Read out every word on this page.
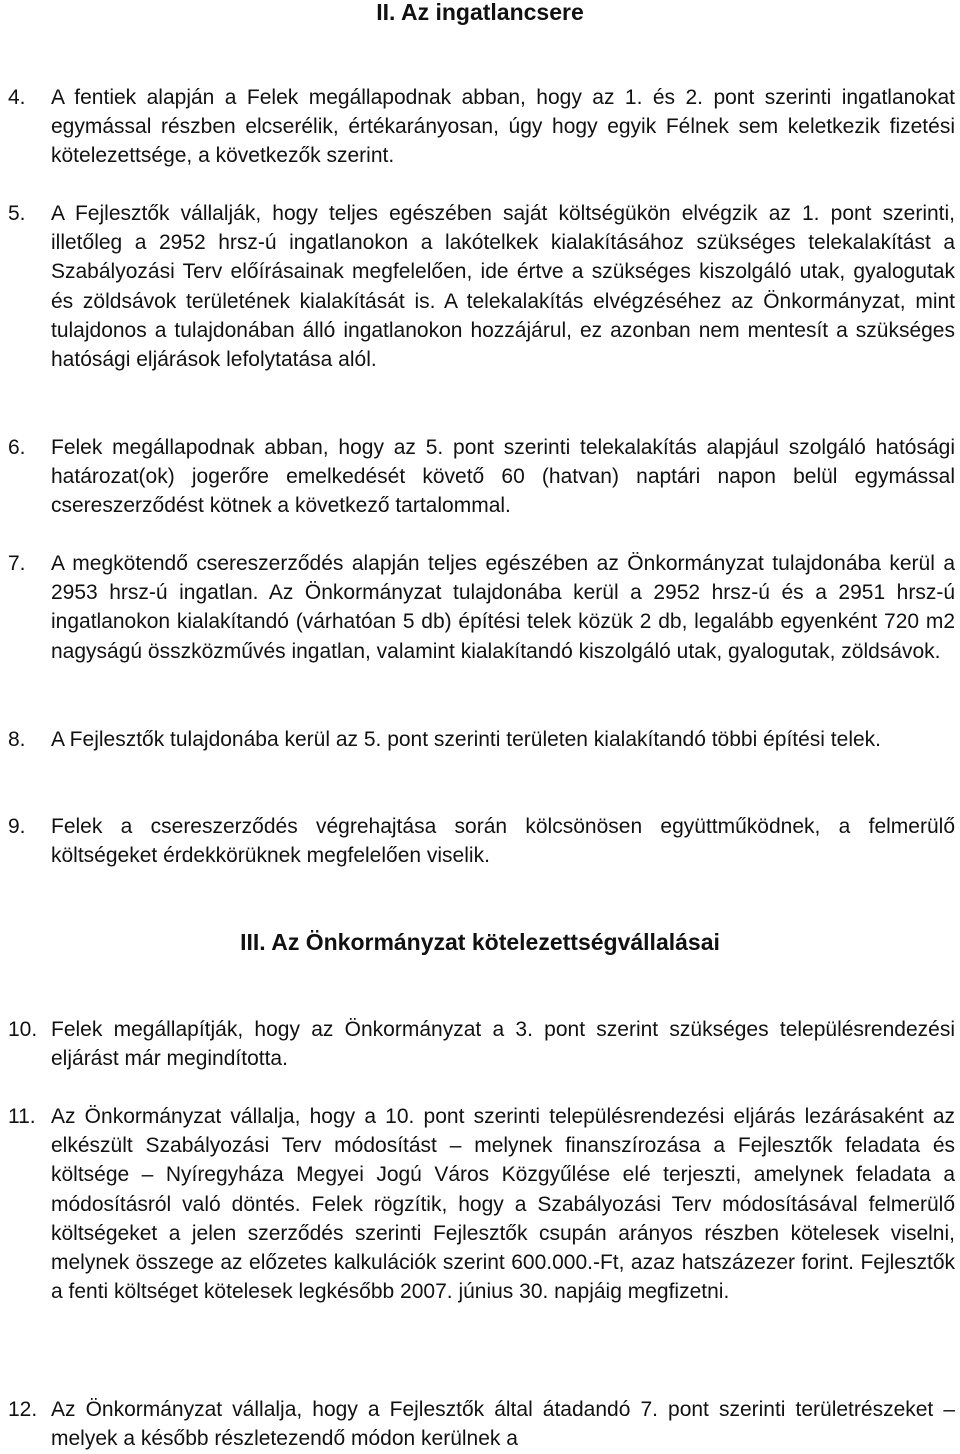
II. Az ingatlancsere
4. A fentiek alapján a Felek megállapodnak abban, hogy az 1. és 2. pont szerinti ingatlanokat egymással részben elcserélik, értékarányosan, úgy hogy egyik Félnek sem keletkezik fizetési kötelezettsége, a következők szerint.
5. A Fejlesztők vállalják, hogy teljes egészében saját költségükön elvégzik az 1. pont szerinti, illetőleg a 2952 hrsz-ú ingatlanokon a lakótelkek kialakításához szükséges telekalakítást a Szabályozási Terv előírásainak megfelelően, ide értve a szükséges kiszolgáló utak, gyalogutak és zöldsávok területének kialakítását is. A telekalakítás elvégzéséhez az Önkormányzat, mint tulajdonos a tulajdonában álló ingatlanokon hozzájárul, ez azonban nem mentesít a szükséges hatósági eljárások lefolytatása alól.
6. Felek megállapodnak abban, hogy az 5. pont szerinti telekalakítás alapjául szolgáló hatósági határozat(ok) jogerőre emelkedését követő 60 (hatvan) naptári napon belül egymással csereszerződést kötnek a következő tartalommal.
7. A megkötendő csereszerződés alapján teljes egészében az Önkormányzat tulajdonába kerül a 2953 hrsz-ú ingatlan. Az Önkormányzat tulajdonába kerül a 2952 hrsz-ú és a 2951 hrsz-ú ingatlanokon kialakítandó (várhatóan 5 db) építési telek közük 2 db, legalább egyenként 720 m2 nagyságú összközművés ingatlan, valamint kialakítandó kiszolgáló utak, gyalogutak, zöldsávok.
8. A Fejlesztők tulajdonába kerül az 5. pont szerinti területen kialakítandó többi építési telek.
9. Felek a csereszerződés végrehajtása során kölcsönösen együttműködnek, a felmerülő költségeket érdekkörüknek megfelelően viselik.
III. Az Önkormányzat kötelezettségvállalásai
10. Felek megállapítják, hogy az Önkormányzat a 3. pont szerint szükséges településrendezési eljárást már megindította.
11. Az Önkormányzat vállalja, hogy a 10. pont szerinti településrendezési eljárás lezárásaként az elkészült Szabályozási Terv módosítást – melynek finanszírozása a Fejlesztők feladata és költsége – Nyíregyháza Megyei Jogú Város Közgyűlése elé terjeszti, amelynek feladata a módosításról való döntés. Felek rögzítik, hogy a Szabályozási Terv módosításával felmerülő költségeket a jelen szerződés szerinti Fejlesztők csupán arányos részben kötelesek viselni, melynek összege az előzetes kalkulációk szerint 600.000.-Ft, azaz hatszázezer forint. Fejlesztők a fenti költséget kötelesek legkésőbb 2007. június 30. napjáig megfizetni.
12. Az Önkormányzat vállalja, hogy a Fejlesztők által átadandó 7. pont szerinti területrészeket – melyek a később részletezendő módon kerülnek a
